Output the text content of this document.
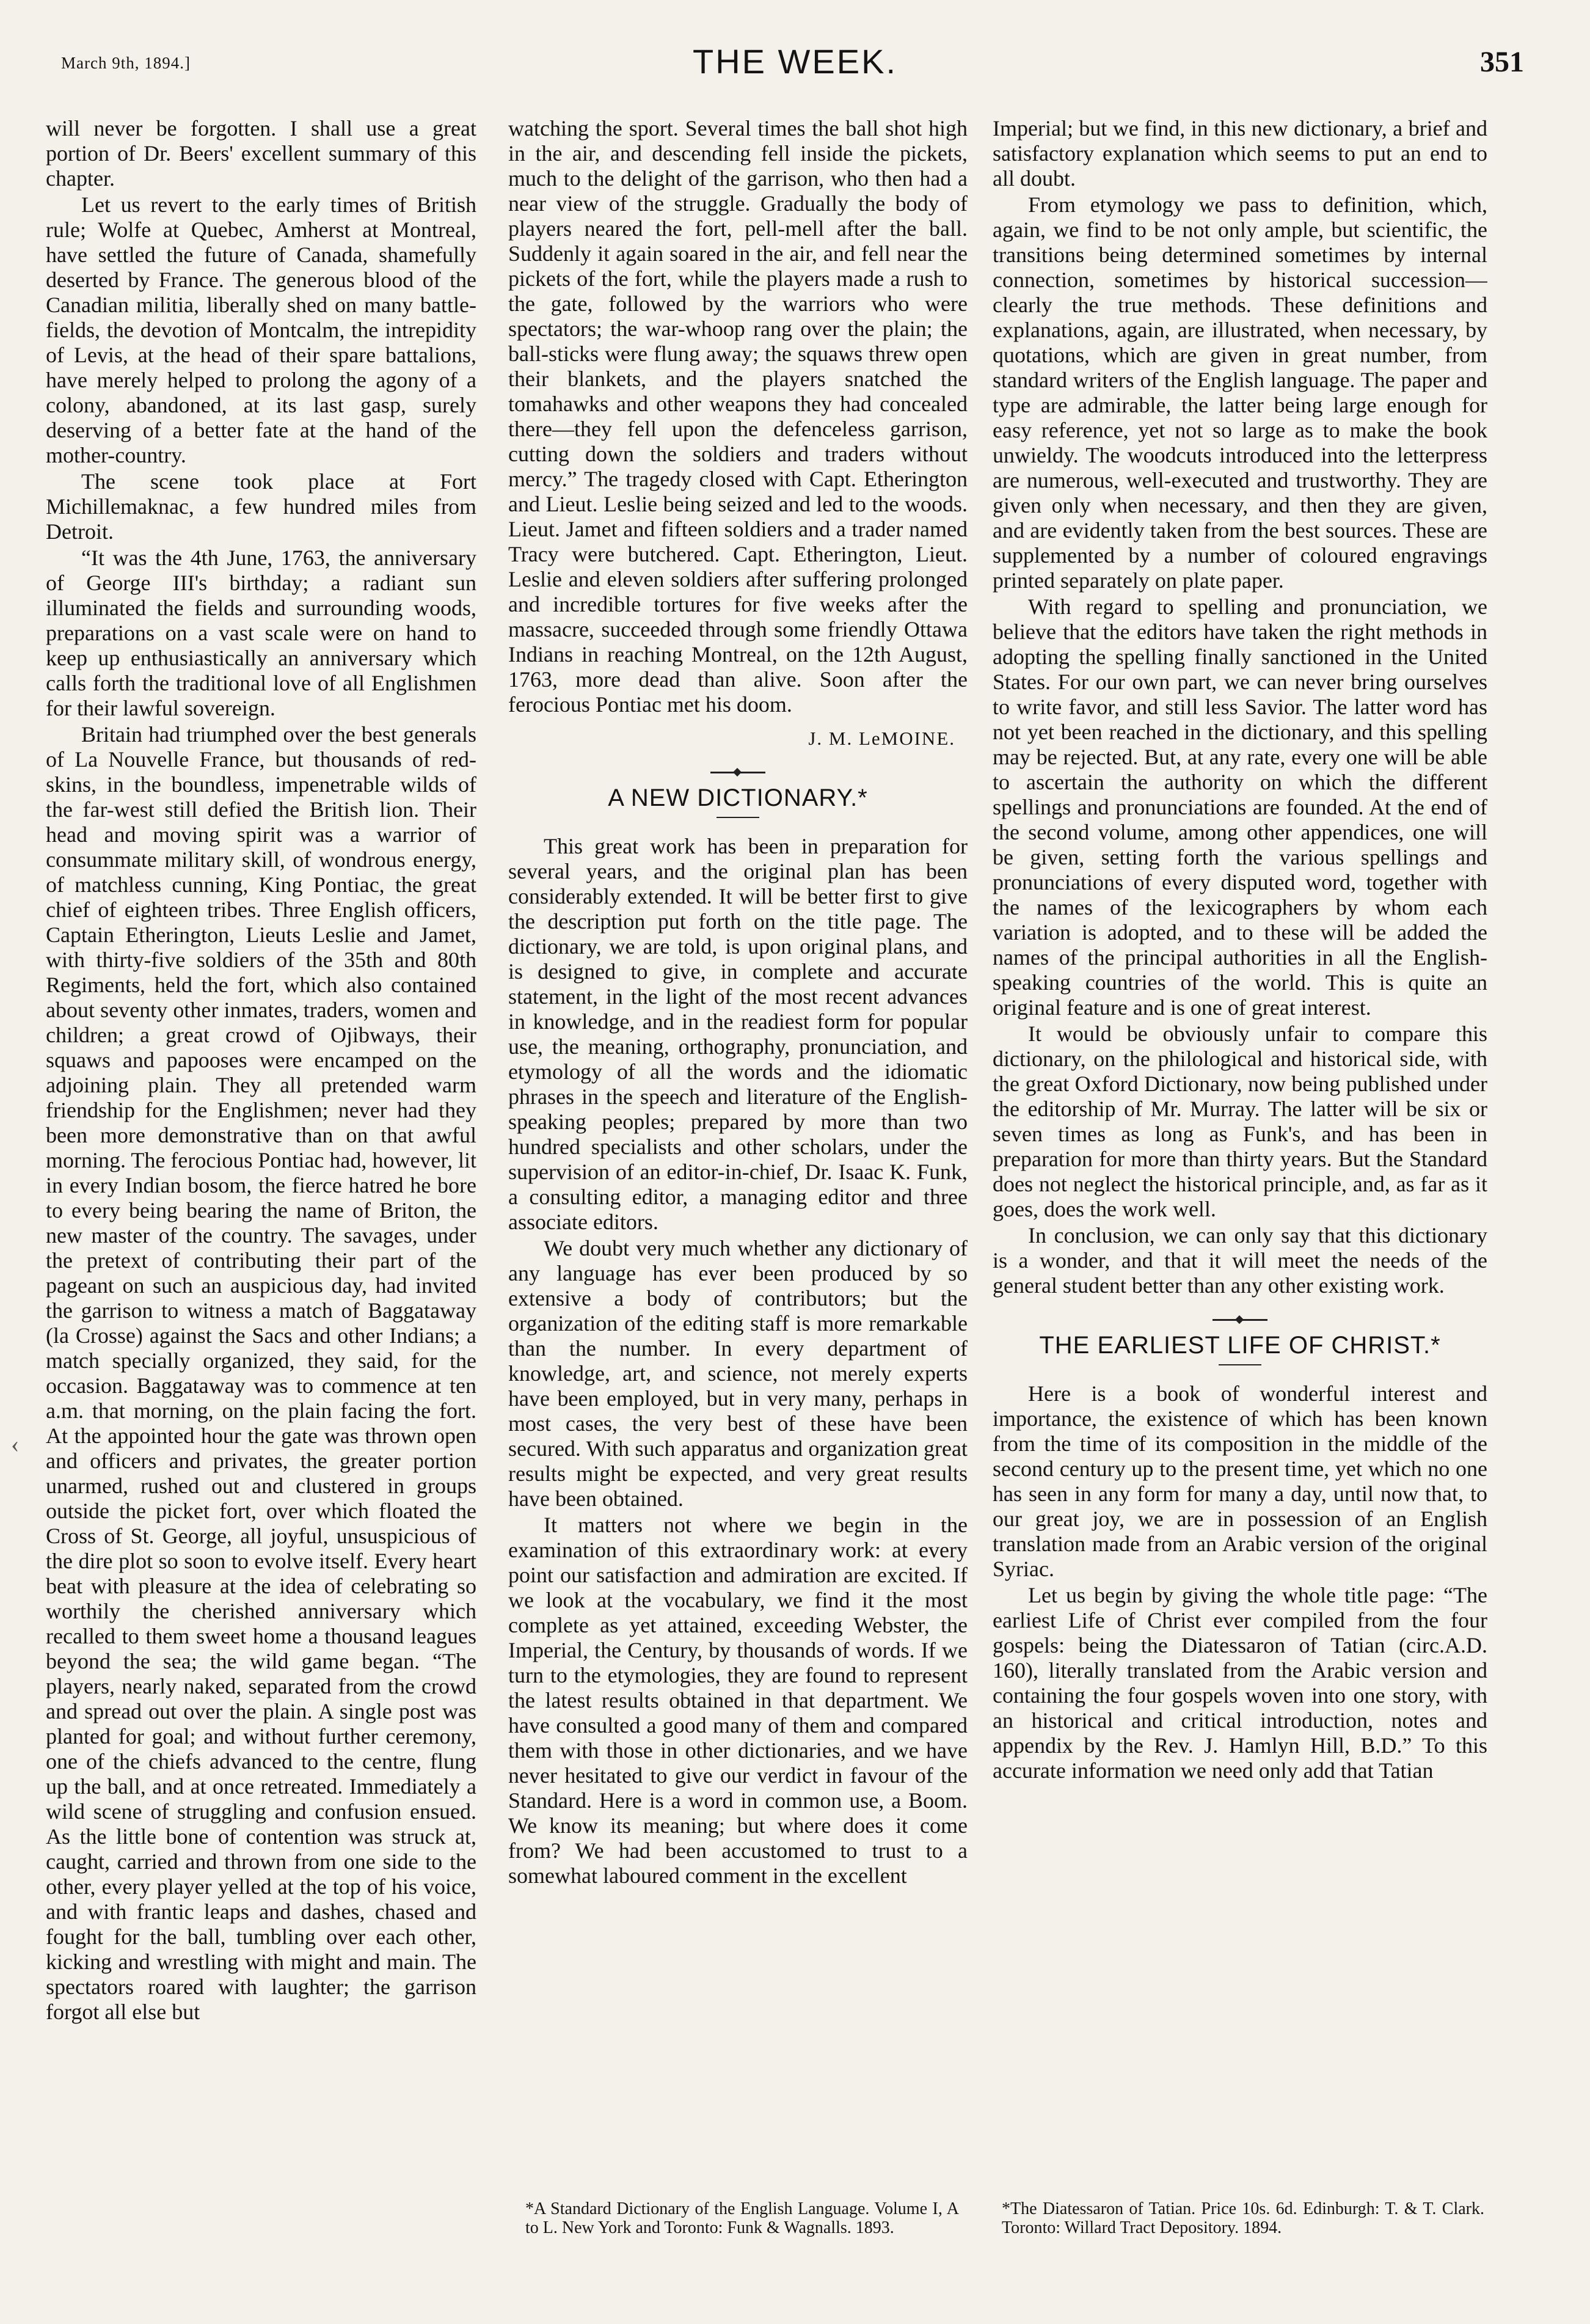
March 9th, 1894.]	THE WEEK.	351

will never be forgotten. I shall use a great portion of Dr. Beers' excellent summary of this chapter.

Let us revert to the early times of British rule; Wolfe at Quebec, Amherst at Montreal, have settled the future of Canada, shamefully deserted by France. The generous blood of the Canadian militia, liberally shed on many battle-fields, the devotion of Montcalm, the intrepidity of Levis, at the head of their spare battalions, have merely helped to prolong the agony of a colony, abandoned, at its last gasp, surely deserving of a better fate at the hand of the mother-country.

The scene took place at Fort Michillemaknac, a few hundred miles from Detroit.

“It was the 4th June, 1763, the anniversary of George III's birthday; a radiant sun illuminated the fields and surrounding woods, preparations on a vast scale were on hand to keep up enthusiastically an anniversary which calls forth the traditional love of all Englishmen for their lawful sovereign.

Britain had triumphed over the best generals of La Nouvelle France, but thousands of red-skins, in the boundless, impenetrable wilds of the far-west still defied the British lion. Their head and moving spirit was a warrior of consummate military skill, of wondrous energy, of matchless cunning, King Pontiac, the great chief of eighteen tribes. Three English officers, Captain Etherington, Lieuts Leslie and Jamet, with thirty-five soldiers of the 35th and 80th Regiments, held the fort, which also contained about seventy other inmates, traders, women and children; a great crowd of Ojibways, their squaws and papooses were encamped on the adjoining plain. They all pretended warm friendship for the Englishmen; never had they been more demonstrative than on that awful morning. The ferocious Pontiac had, however, lit in every Indian bosom, the fierce hatred he bore to every being bearing the name of Briton, the new master of the country. The savages, under the pretext of contributing their part of the pageant on such an auspicious day, had invited the garrison to witness a match of Baggataway (la Crosse) against the Sacs and other Indians; a match specially organized, they said, for the occasion. Baggataway was to commence at ten a.m. that morning, on the plain facing the fort. At the appointed hour the gate was thrown open and officers and privates, the greater portion unarmed, rushed out and clustered in groups outside the picket fort, over which floated the Cross of St. George, all joyful, unsuspicious of the dire plot so soon to evolve itself. Every heart beat with pleasure at the idea of celebrating so worthily the cherished anniversary which recalled to them sweet home a thousand leagues beyond the sea; the wild game began. “The players, nearly naked, separated from the crowd and spread out over the plain. A single post was planted for goal; and without further ceremony, one of the chiefs advanced to the centre, flung up the ball, and at once retreated. Immediately a wild scene of struggling and confusion ensued. As the little bone of contention was struck at, caught, carried and thrown from one side to the other, every player yelled at the top of his voice, and with frantic leaps and dashes, chased and fought for the ball, tumbling over each other, kicking and wrestling with might and main. The spectators roared with laughter; the garrison forgot all else but

watching the sport. Several times the ball shot high in the air, and descending fell inside the pickets, much to the delight of the garrison, who then had a near view of the struggle. Gradually the body of players neared the fort, pell-mell after the ball. Suddenly it again soared in the air, and fell near the pickets of the fort, while the players made a rush to the gate, followed by the warriors who were spectators; the war-whoop rang over the plain; the ball-sticks were flung away; the squaws threw open their blankets, and the players snatched the tomahawks and other weapons they had concealed there—they fell upon the defenceless garrison, cutting down the soldiers and traders without mercy.” The tragedy closed with Capt. Etherington and Lieut. Leslie being seized and led to the woods. Lieut. Jamet and fifteen soldiers and a trader named Tracy were butchered. Capt. Etherington, Lieut. Leslie and eleven soldiers after suffering prolonged and incredible tortures for five weeks after the massacre, succeeded through some friendly Ottawa Indians in reaching Montreal, on the 12th August, 1763, more dead than alive. Soon after the ferocious Pontiac met his doom.

J. M. LeMOINE.
A NEW DICTIONARY.*

This great work has been in preparation for several years, and the original plan has been considerably extended. It will be better first to give the description put forth on the title page. The dictionary, we are told, is upon original plans, and is designed to give, in complete and accurate statement, in the light of the most recent advances in knowledge, and in the readiest form for popular use, the meaning, orthography, pronunciation, and etymology of all the words and the idiomatic phrases in the speech and literature of the English-speaking peoples; prepared by more than two hundred specialists and other scholars, under the supervision of an editor-in-chief, Dr. Isaac K. Funk, a consulting editor, a managing editor and three associate editors.

We doubt very much whether any dictionary of any language has ever been produced by so extensive a body of contributors; but the organization of the editing staff is more remarkable than the number. In every department of knowledge, art, and science, not merely experts have been employed, but in very many, perhaps in most cases, the very best of these have been secured. With such apparatus and organization great results might be expected, and very great results have been obtained.

It matters not where we begin in the examination of this extraordinary work: at every point our satisfaction and admiration are excited. If we look at the vocabulary, we find it the most complete as yet attained, exceeding Webster, the Imperial, the Century, by thousands of words. If we turn to the etymologies, they are found to represent the latest results obtained in that department. We have consulted a good many of them and compared them with those in other dictionaries, and we have never hesitated to give our verdict in favour of the Standard. Here is a word in common use, a Boom. We know its meaning; but where does it come from? We had been accustomed to trust to a somewhat laboured comment in the excellent

*A Standard Dictionary of the English Language. Volume I, A to L. New York and Toronto: Funk & Wagnalls. 1893.

Imperial; but we find, in this new dictionary, a brief and satisfactory explanation which seems to put an end to all doubt.

From etymology we pass to definition, which, again, we find to be not only ample, but scientific, the transitions being determined sometimes by internal connection, sometimes by historical succession—clearly the true methods. These definitions and explanations, again, are illustrated, when necessary, by quotations, which are given in great number, from standard writers of the English language. The paper and type are admirable, the latter being large enough for easy reference, yet not so large as to make the book unwieldy. The woodcuts introduced into the letterpress are numerous, well-executed and trustworthy. They are given only when necessary, and then they are given, and are evidently taken from the best sources. These are supplemented by a number of coloured engravings printed separately on plate paper.

With regard to spelling and pronunciation, we believe that the editors have taken the right methods in adopting the spelling finally sanctioned in the United States. For our own part, we can never bring ourselves to write favor, and still less Savior. The latter word has not yet been reached in the dictionary, and this spelling may be rejected. But, at any rate, every one will be able to ascertain the authority on which the different spellings and pronunciations are founded. At the end of the second volume, among other appendices, one will be given, setting forth the various spellings and pronunciations of every disputed word, together with the names of the lexicographers by whom each variation is adopted, and to these will be added the names of the principal authorities in all the English-speaking countries of the world. This is quite an original feature and is one of great interest.

It would be obviously unfair to compare this dictionary, on the philological and historical side, with the great Oxford Dictionary, now being published under the editorship of Mr. Murray. The latter will be six or seven times as long as Funk's, and has been in preparation for more than thirty years. But the Standard does not neglect the historical principle, and, as far as it goes, does the work well.

In conclusion, we can only say that this dictionary is a wonder, and that it will meet the needs of the general student better than any other existing work.

THE EARLIEST LIFE OF CHRIST.*

Here is a book of wonderful interest and importance, the existence of which has been known from the time of its composition in the middle of the second century up to the present time, yet which no one has seen in any form for many a day, until now that, to our great joy, we are in possession of an English translation made from an Arabic version of the original Syriac.

Let us begin by giving the whole title page: “The earliest Life of Christ ever compiled from the four gospels: being the Diatessaron of Tatian (circ.A.D. 160), literally translated from the Arabic version and containing the four gospels woven into one story, with an historical and critical introduction, notes and appendix by the Rev. J. Hamlyn Hill, B.D.” To this accurate information we need only add that Tatian

*The Diatessaron of Tatian. Price 10s. 6d. Edinburgh: T. & T. Clark. Toronto: Willard Tract Depository. 1894.
‹
